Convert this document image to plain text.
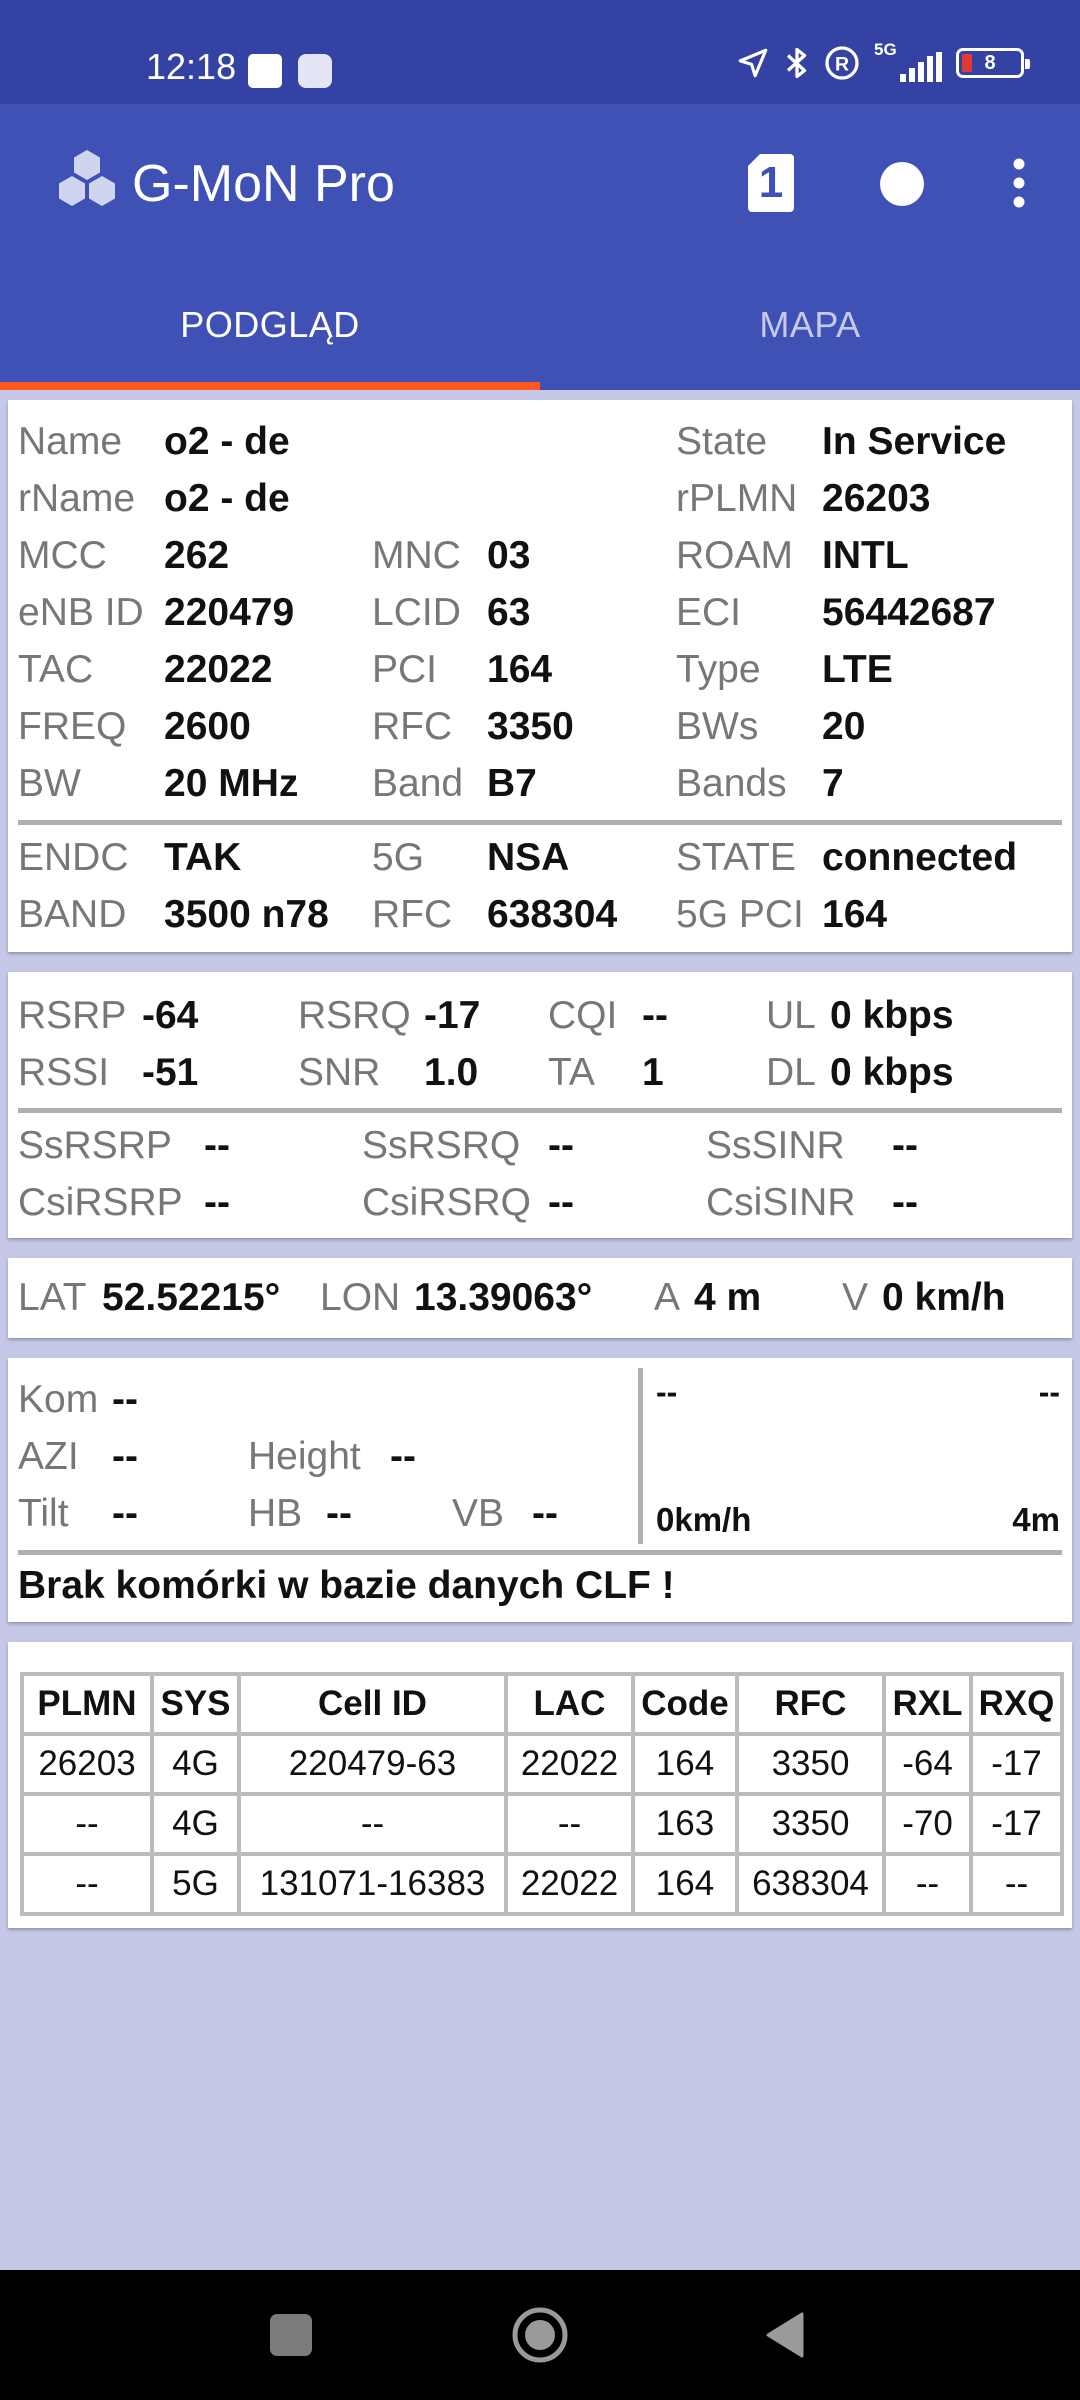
12:18	R
5G
8
G-MoN Pro	1
PODGLĄD	MAPA
Name o2 - de	State In Service
rName o2 - de	rPLMN 26203
MCC 262	MNC 03	ROAM INTL
eNB ID 220479 LCID 63	ECI 56442687
TAC 22022	PCI 164	Type LTE
FREQ 2600	RFC 3350	BWs 20
BW 20 MHz Band B7	Bands 7
ENDC TAK	5G NSA	STATE connected
BAND 3500 n78 RFC 638304 5G PCI 164
RSRP -64	RSRQ -17 CQI --	UL 0 kbps
RSSI -51	SNR 1.0 TA 1	DL 0 kbps
SsRSRP --	SsRSRQ --	SsSINR --
CsiRSRP --	CsiRSRQ --	CsiSINR --
LAT 52.52215° LON 13.39063° A 4 m V 0 km/h
Kom --
AZI --	Height --
Tilt --	HB --	VB --
--	--
0km/h	4m
Brak komórki w bazie danych CLF !
PLMN	SYS	Cell ID	LAC	Code	RFC	RXL	RXQ
26203	4G	220479-63	22022	164	3350	-64	-17
--	4G	--	--	163	3350	-70	-17
--	5G	131071-16383	22022	164	638304	--	--
